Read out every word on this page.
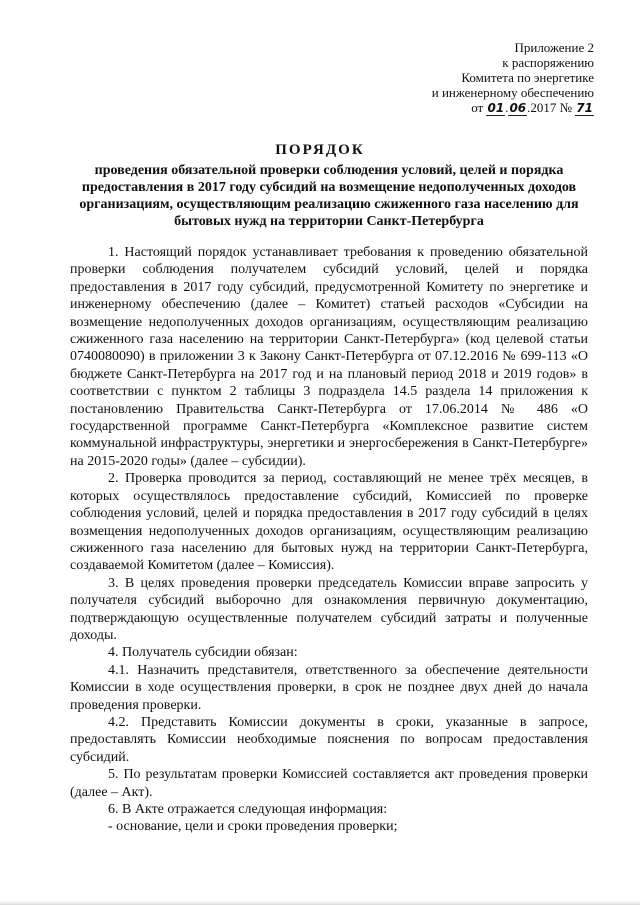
Приложение 2
к распоряжению
Комитета по энергетике
и инженерному обеспечению
от 01.06.2017 № 71
ПОРЯДОК
проведения обязательной проверки соблюдения условий, целей и порядка предоставления в 2017 году субсидий на возмещение недополученных доходов организациям, осуществляющим реализацию сжиженного газа населению для бытовых нужд на территории Санкт-Петербурга

1. Настоящий порядок устанавливает требования к проведению обязательной проверки соблюдения получателем субсидий условий, целей и порядка предоставления в 2017 году субсидий, предусмотренной Комитету по энергетике и инженерному обеспечению (далее – Комитет) статьей расходов «Субсидии на возмещение недополученных доходов организациям, осуществляющим реализацию сжиженного газа населению на территории Санкт-Петербурга» (код целевой статьи 0740080090) в приложении 3 к Закону Санкт-Петербурга от 07.12.2016 № 699-113 «О бюджете Санкт-Петербурга на 2017 год и на плановый период 2018 и 2019 годов» в соответствии с пунктом 2 таблицы 3 подраздела 14.5 раздела 14 приложения к постановлению Правительства Санкт-Петербурга от 17.06.2014 № 486 «О государственной программе Санкт-Петербурга «Комплексное развитие систем коммунальной инфраструктуры, энергетики и энергосбережения в Санкт-Петербурге» на 2015-2020 годы» (далее – субсидии).

2. Проверка проводится за период, составляющий не менее трёх месяцев, в которых осуществлялось предоставление субсидий, Комиссией по проверке соблюдения условий, целей и порядка предоставления в 2017 году субсидий в целях возмещения недополученных доходов организациям, осуществляющим реализацию сжиженного газа населению для бытовых нужд на территории Санкт-Петербурга, создаваемой Комитетом (далее – Комиссия).

3. В целях проведения проверки председатель Комиссии вправе запросить у получателя субсидий выборочно для ознакомления первичную документацию, подтверждающую осуществленные получателем субсидий затраты и полученные доходы.

4. Получатель субсидии обязан:

4.1. Назначить представителя, ответственного за обеспечение деятельности Комиссии в ходе осуществления проверки, в срок не позднее двух дней до начала проведения проверки.

4.2. Представить Комиссии документы в сроки, указанные в запросе, предоставлять Комиссии необходимые пояснения по вопросам предоставления субсидий.

5. По результатам проверки Комиссией составляется акт проведения проверки (далее – Акт).

6. В Акте отражается следующая информация:

- основание, цели и сроки проведения проверки;
